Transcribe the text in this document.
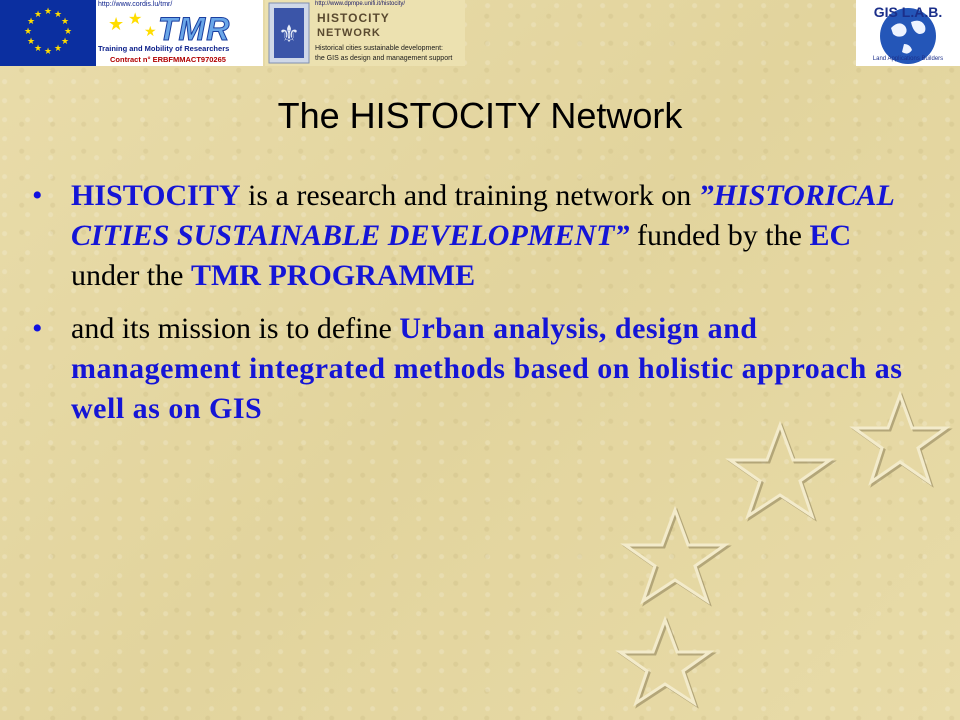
★ ★
★
★
★
★
★
★
★
★
★
★
http://www.cordis.lu/tmr/
★ ★
★ TMR
Training and Mobility of Researchers
Contract n° ERBFMMACT970265
⚜
http://www.dpmpe.unifi.it/histocity/
HISTOCITY
NETWORK
Historical cities sustainable development:
the GIS as design and management support
GIS L.A.B.
Land Applications Builders
The HISTOCITY Network
• HISTOCITY is a research and training network on ”HISTORICAL CITIES SUSTAINABLE DEVELOPMENT” funded by the EC under the TMR PROGRAMME
• and its mission is to define Urban analysis, design and management integrated methods based on holistic approach as well as on GIS
